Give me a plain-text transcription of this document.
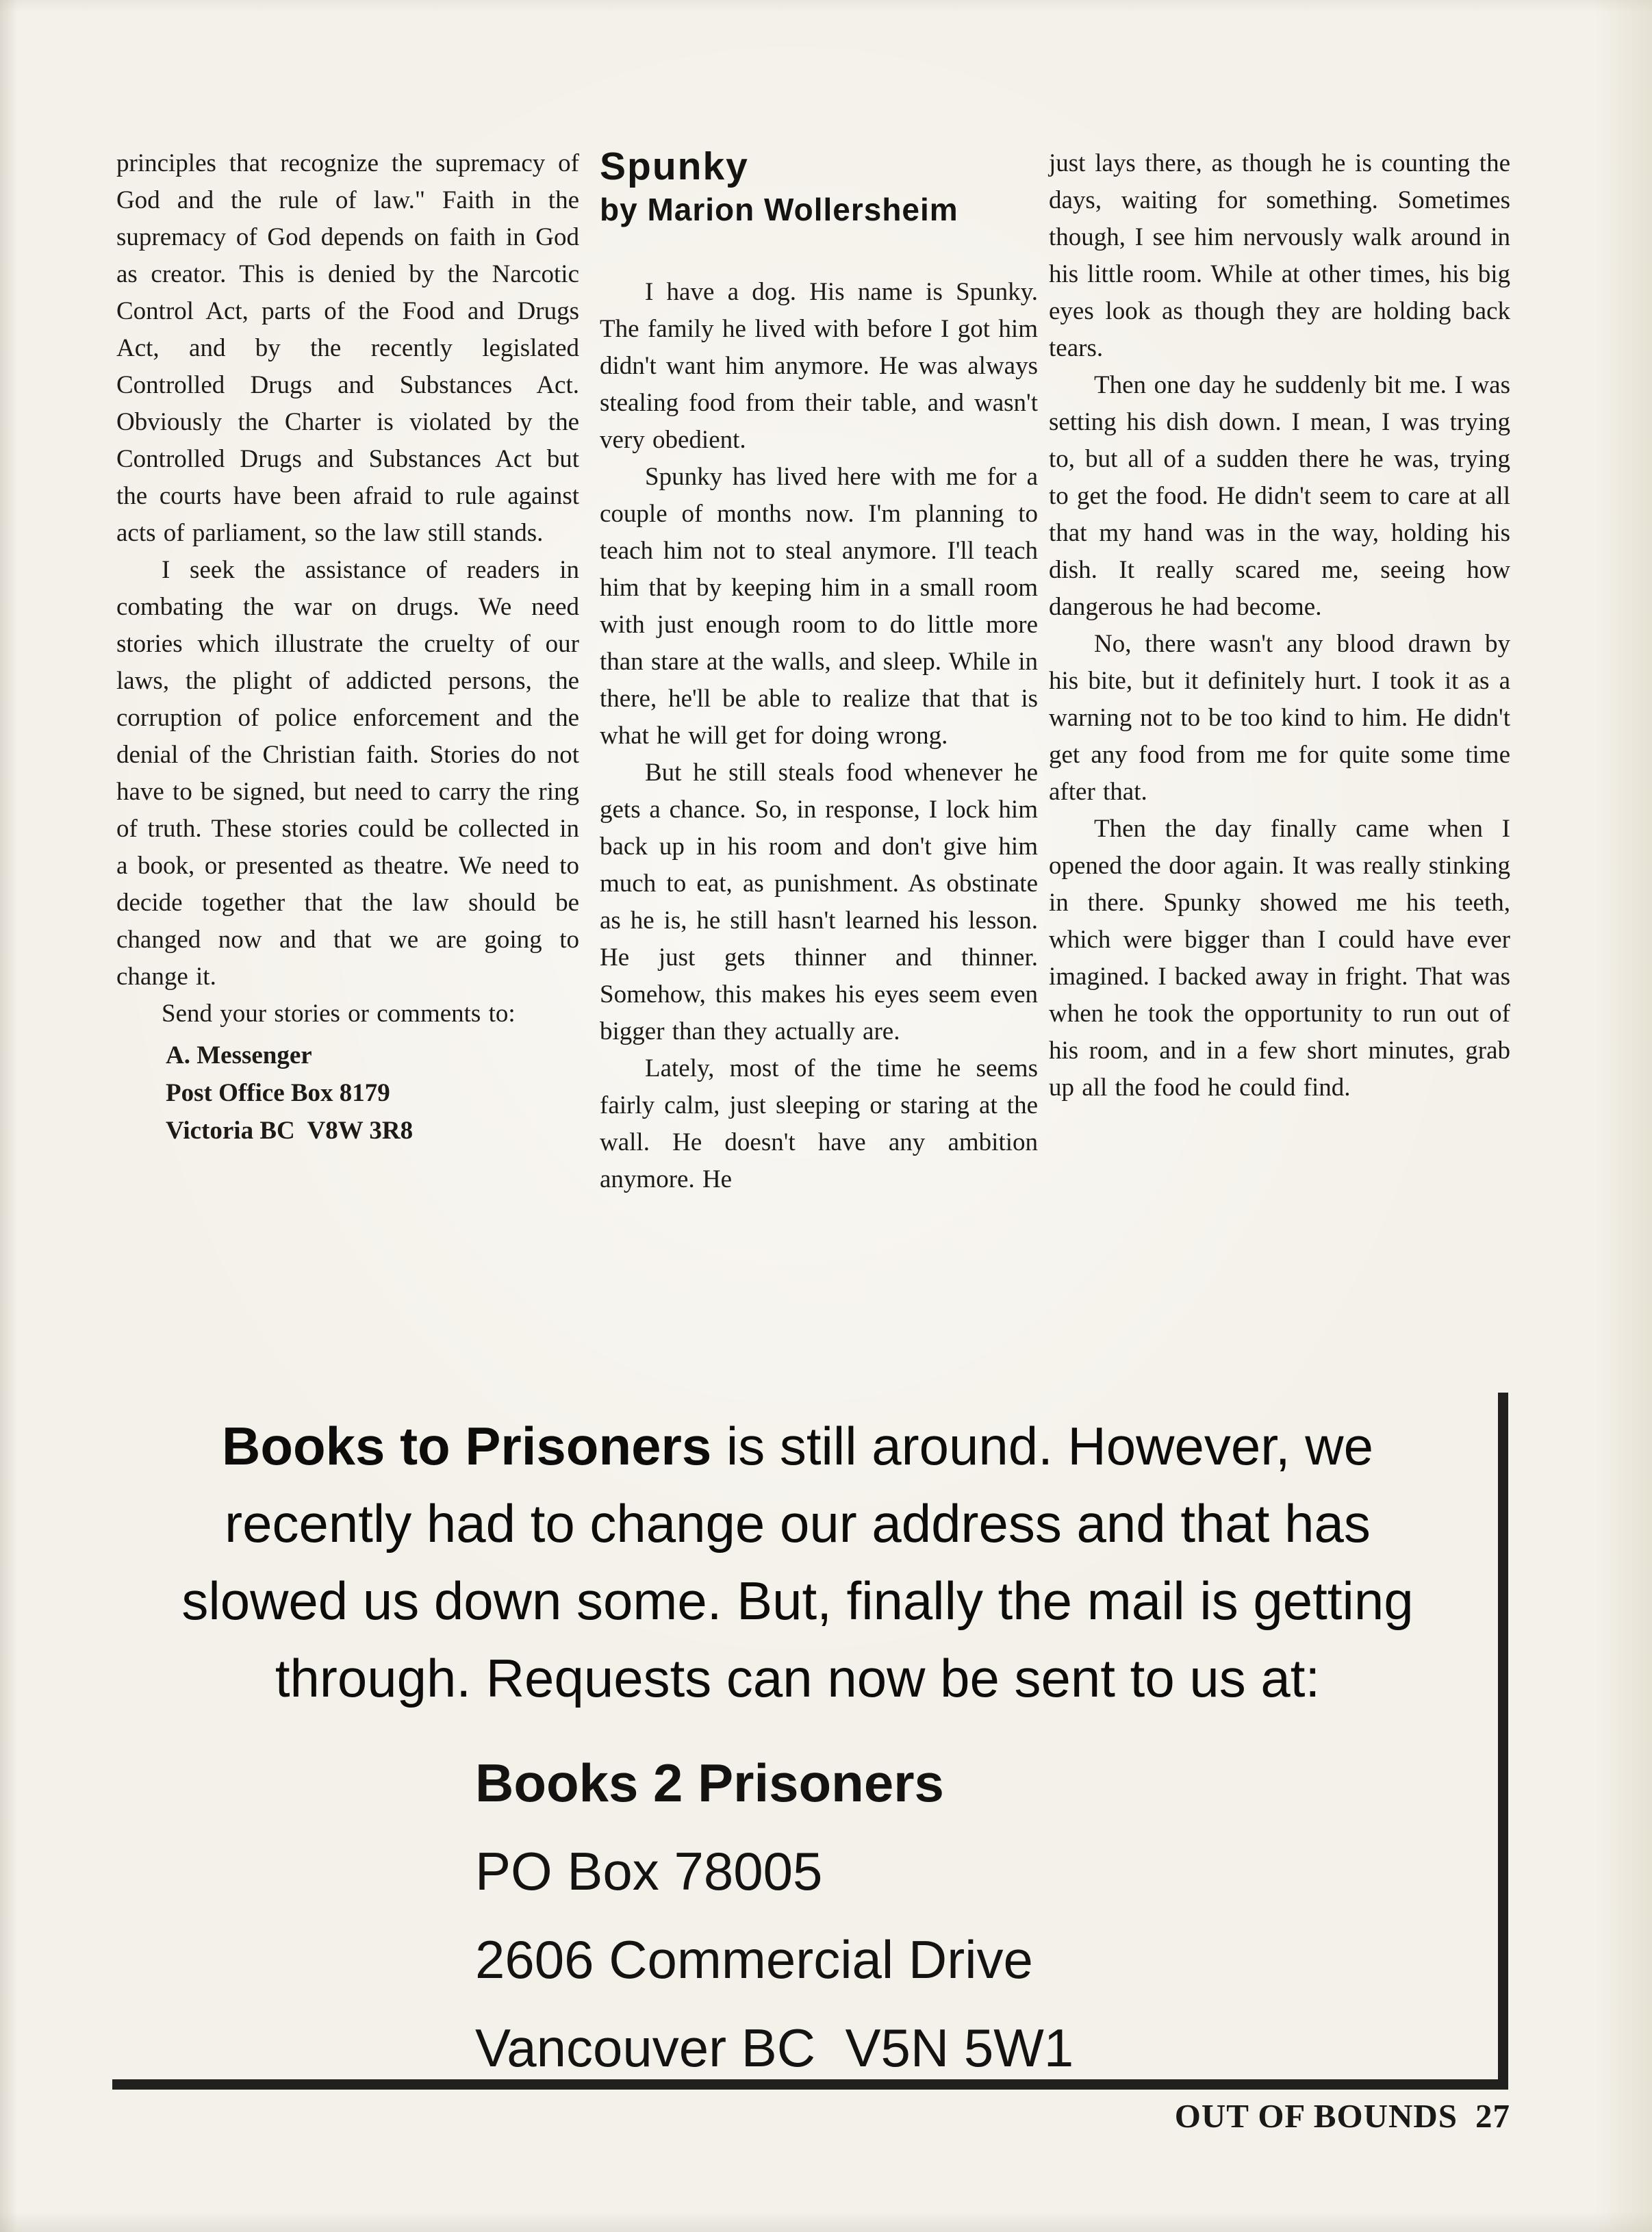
principles that recognize the supremacy of God and the rule of law." Faith in the supremacy of God depends on faith in God as creator. This is denied by the Narcotic Control Act, parts of the Food and Drugs Act, and by the recently legislated Controlled Drugs and Substances Act. Obviously the Charter is violated by the Controlled Drugs and Substances Act but the courts have been afraid to rule against acts of parliament, so the law still stands.

I seek the assistance of readers in combating the war on drugs. We need stories which illustrate the cruelty of our laws, the plight of addicted persons, the corruption of police enforcement and the denial of the Christian faith. Stories do not have to be signed, but need to carry the ring of truth. These stories could be collected in a book, or presented as theatre. We need to decide together that the law should be changed now and that we are going to change it.

Send your stories or comments to:

A. Messenger
Post Office Box 8179
Victoria BC  V8W 3R8
Spunky
by Marion Wollersheim

I have a dog. His name is Spunky. The family he lived with before I got him didn't want him anymore. He was always stealing food from their table, and wasn't very obedient.

Spunky has lived here with me for a couple of months now. I'm planning to teach him not to steal anymore. I'll teach him that by keeping him in a small room with just enough room to do little more than stare at the walls, and sleep. While in there, he'll be able to realize that that is what he will get for doing wrong.

But he still steals food whenever he gets a chance. So, in response, I lock him back up in his room and don't give him much to eat, as punishment. As obstinate as he is, he still hasn't learned his lesson. He just gets thinner and thinner. Somehow, this makes his eyes seem even bigger than they actually are.

Lately, most of the time he seems fairly calm, just sleeping or staring at the wall. He doesn't have any ambition anymore. He

just lays there, as though he is counting the days, waiting for something. Sometimes though, I see him nervously walk around in his little room. While at other times, his big eyes look as though they are holding back tears.

Then one day he suddenly bit me. I was setting his dish down. I mean, I was trying to, but all of a sudden there he was, trying to get the food. He didn't seem to care at all that my hand was in the way, holding his dish. It really scared me, seeing how dangerous he had become.

No, there wasn't any blood drawn by his bite, but it definitely hurt. I took it as a warning not to be too kind to him. He didn't get any food from me for quite some time after that.

Then the day finally came when I opened the door again. It was really stinking in there. Spunky showed me his teeth, which were bigger than I could have ever imagined. I backed away in fright. That was when he took the opportunity to run out of his room, and in a few short minutes, grab up all the food he could find.

Books to Prisoners is still around. However, we recently had to change our address and that has slowed us down some. But, finally the mail is getting through. Requests can now be sent to us at:

Books 2 Prisoners
PO Box 78005
2606 Commercial Drive
Vancouver BC  V5N 5W1
OUT OF BOUNDS 27
